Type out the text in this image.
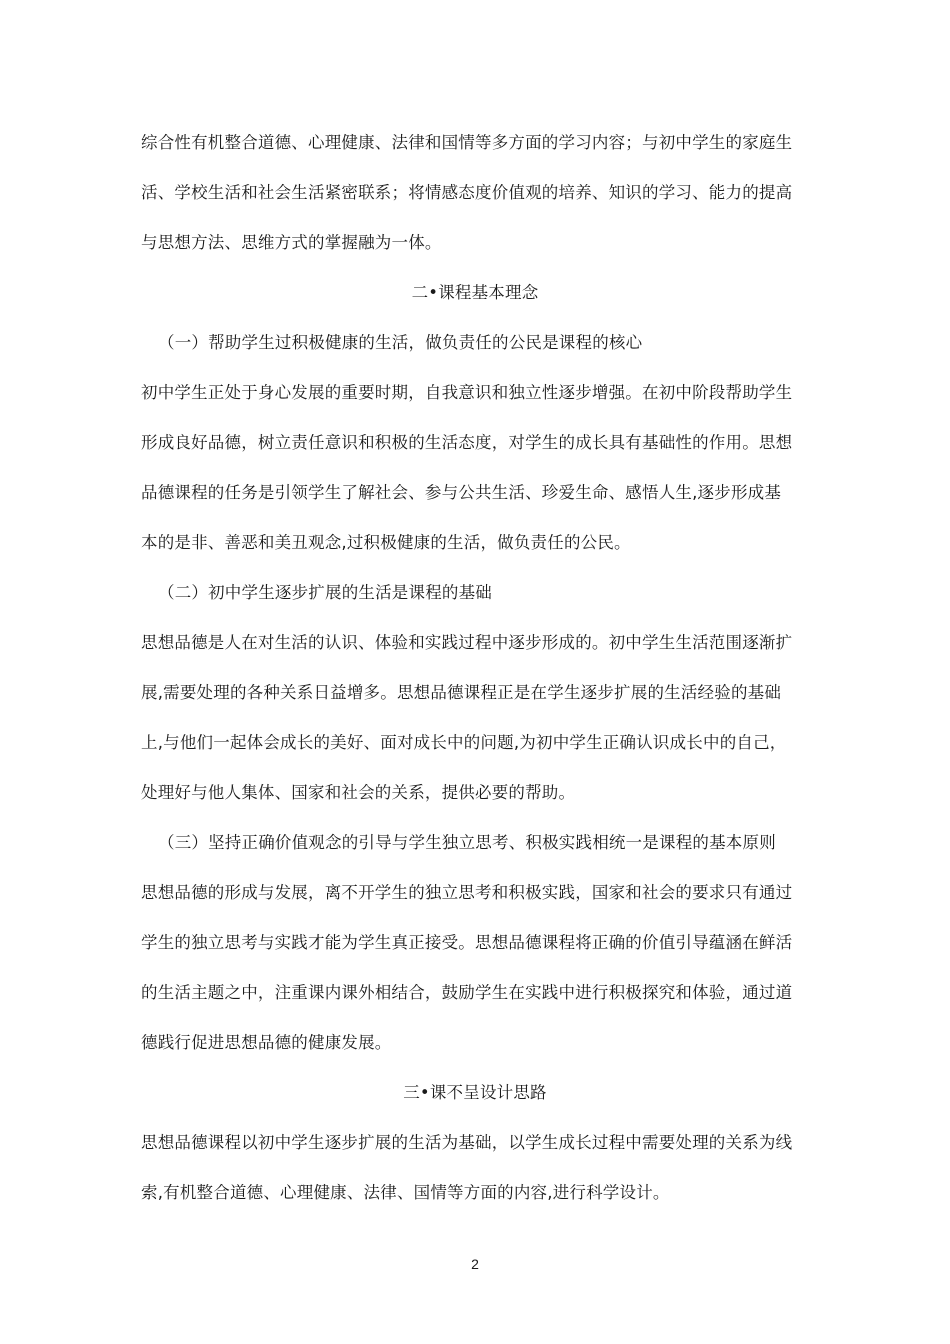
综合性有机整合道德、心理健康、法律和国情等多方面的学习内容；与初中学生的家庭生
活、学校生活和社会生活紧密联系；将情感态度价值观的培养、知识的学习、能力的提高
与思想方法、思维方式的掌握融为一体。
二•课程基本理念
（一）帮助学生过积极健康的生活，做负责任的公民是课程的核心
初中学生正处于身心发展的重要时期，自我意识和独立性逐步增强。在初中阶段帮助学生
形成良好品德，树立责任意识和积极的生活态度，对学生的成长具有基础性的作用。思想
品德课程的任务是引领学生了解社会、参与公共生活、珍爱生命、感悟人生,逐步形成基
本的是非、善恶和美丑观念,过积极健康的生活，做负责任的公民。
（二）初中学生逐步扩展的生活是课程的基础
思想品德是人在对生活的认识、体验和实践过程中逐步形成的。初中学生生活范围逐渐扩
展,需要处理的各种关系日益增多。思想品德课程正是在学生逐步扩展的生活经验的基础
上,与他们一起体会成长的美好、面对成长中的问题,为初中学生正确认识成长中的自己，
处理好与他人集体、国家和社会的关系，提供必要的帮助。
（三）坚持正确价值观念的引导与学生独立思考、积极实践相统一是课程的基本原则
思想品德的形成与发展，离不开学生的独立思考和积极实践，国家和社会的要求只有通过
学生的独立思考与实践才能为学生真正接受。思想品德课程将正确的价值引导蕴涵在鲜活
的生活主题之中，注重课内课外相结合，鼓励学生在实践中进行积极探究和体验，通过道
德践行促进思想品德的健康发展。
三•课不呈设计思路
思想品德课程以初中学生逐步扩展的生活为基础，以学生成长过程中需要处理的关系为线
索,有机整合道德、心理健康、法律、国情等方面的内容,进行科学设计。
2
